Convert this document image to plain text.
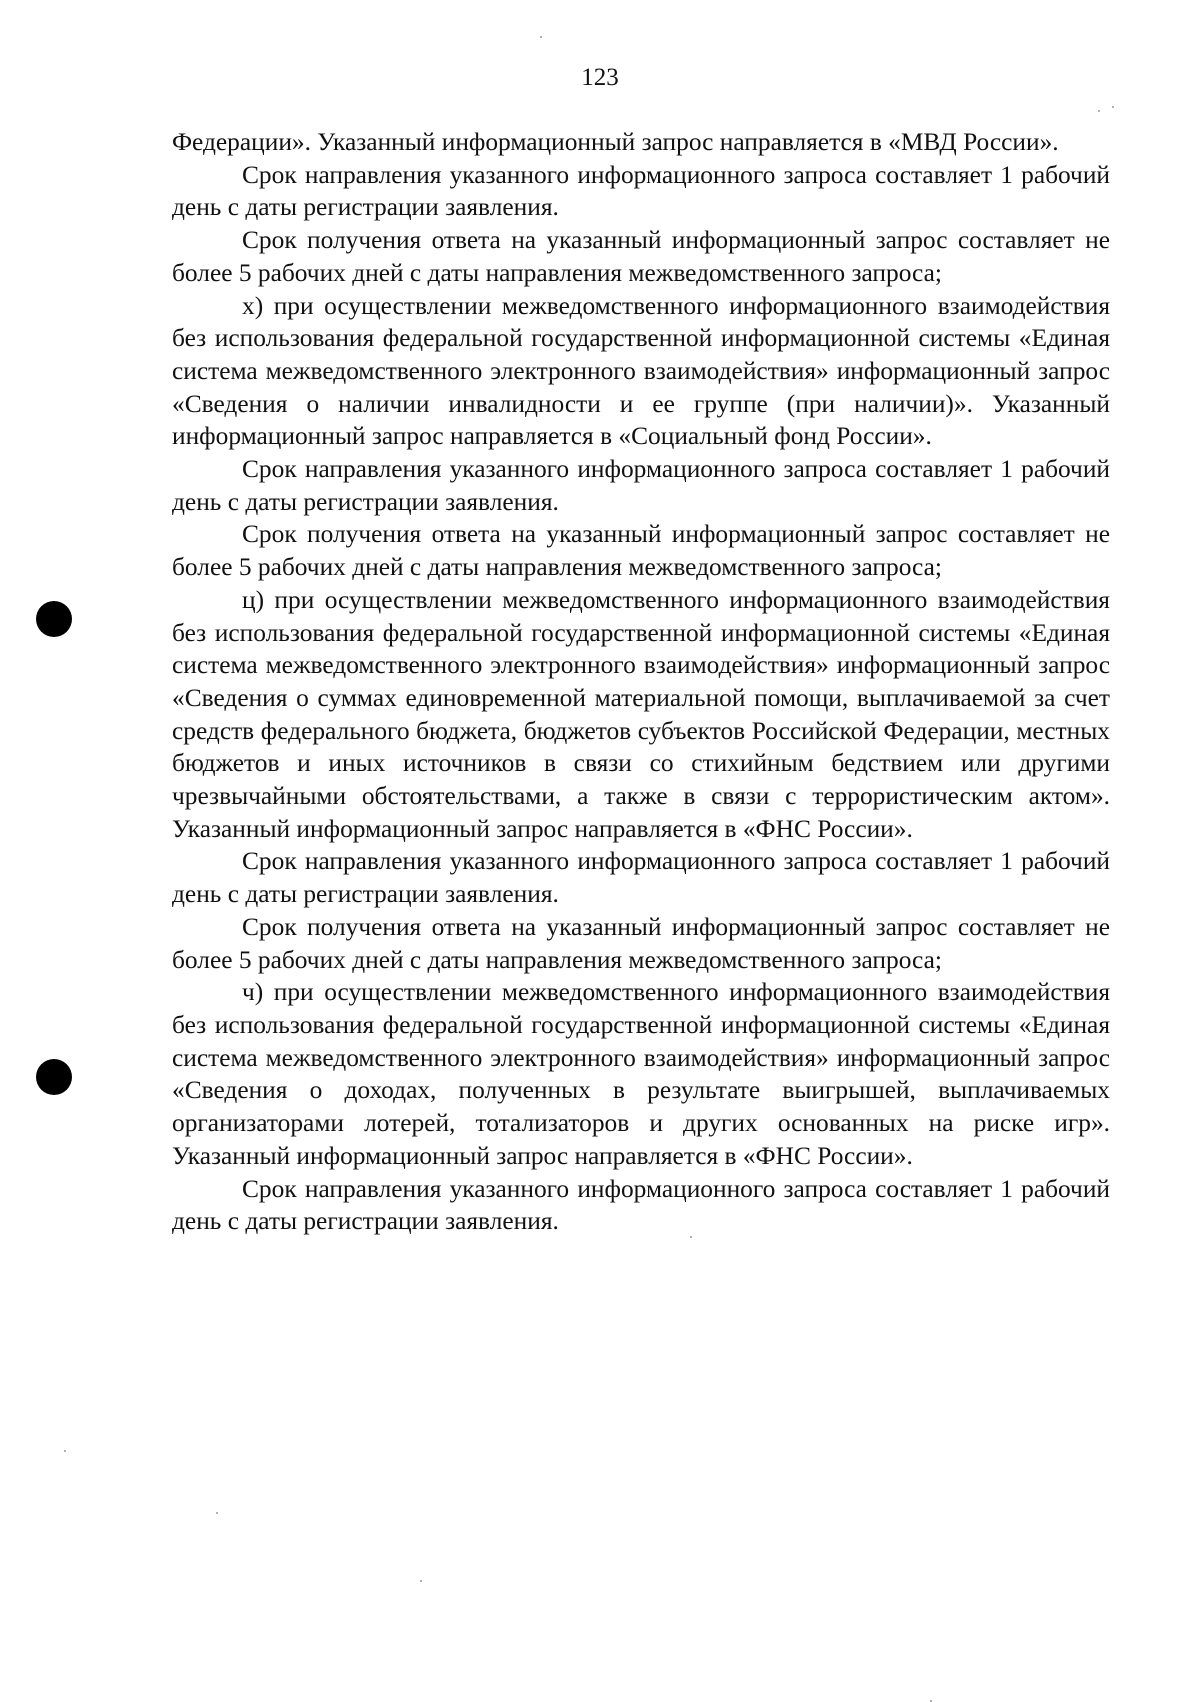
123

Федерации». Указанный информационный запрос направляется в «МВД России».

Срок направления указанного информационного запроса составляет 1 рабочий день с даты регистрации заявления.

Срок получения ответа на указанный информационный запрос составляет не более 5 рабочих дней с даты направления межведомственного запроса;

х) при осуществлении межведомственного информационного взаимодействия без использования федеральной государственной информационной системы «Единая система межведомственного электронного взаимодействия» информационный запрос «Сведения о наличии инвалидности и ее группе (при наличии)». Указанный информационный запрос направляется в «Социальный фонд России».

Срок направления указанного информационного запроса составляет 1 рабочий день с даты регистрации заявления.

Срок получения ответа на указанный информационный запрос составляет не более 5 рабочих дней с даты направления межведомственного запроса;

ц) при осуществлении межведомственного информационного взаимодействия без использования федеральной государственной информационной системы «Единая система межведомственного электронного взаимодействия» информационный запрос «Сведения о суммах единовременной материальной помощи, выплачиваемой за счет средств федерального бюджета, бюджетов субъектов Российской Федерации, местных бюджетов и иных источников в связи со стихийным бедствием или другими чрезвычайными обстоятельствами, а также в связи с террористическим актом». Указанный информационный запрос направляется в «ФНС России».

Срок направления указанного информационного запроса составляет 1 рабочий день с даты регистрации заявления.

Срок получения ответа на указанный информационный запрос составляет не более 5 рабочих дней с даты направления межведомственного запроса;

ч) при осуществлении межведомственного информационного взаимодействия без использования федеральной государственной информационной системы «Единая система межведомственного электронного взаимодействия» информационный запрос «Сведения о доходах, полученных в результате выигрышей, выплачиваемых организаторами лотерей, тотализаторов и других основанных на риске игр». Указанный информационный запрос направляется в «ФНС России».

Срок направления указанного информационного запроса составляет 1 рабочий день с даты регистрации заявления.
